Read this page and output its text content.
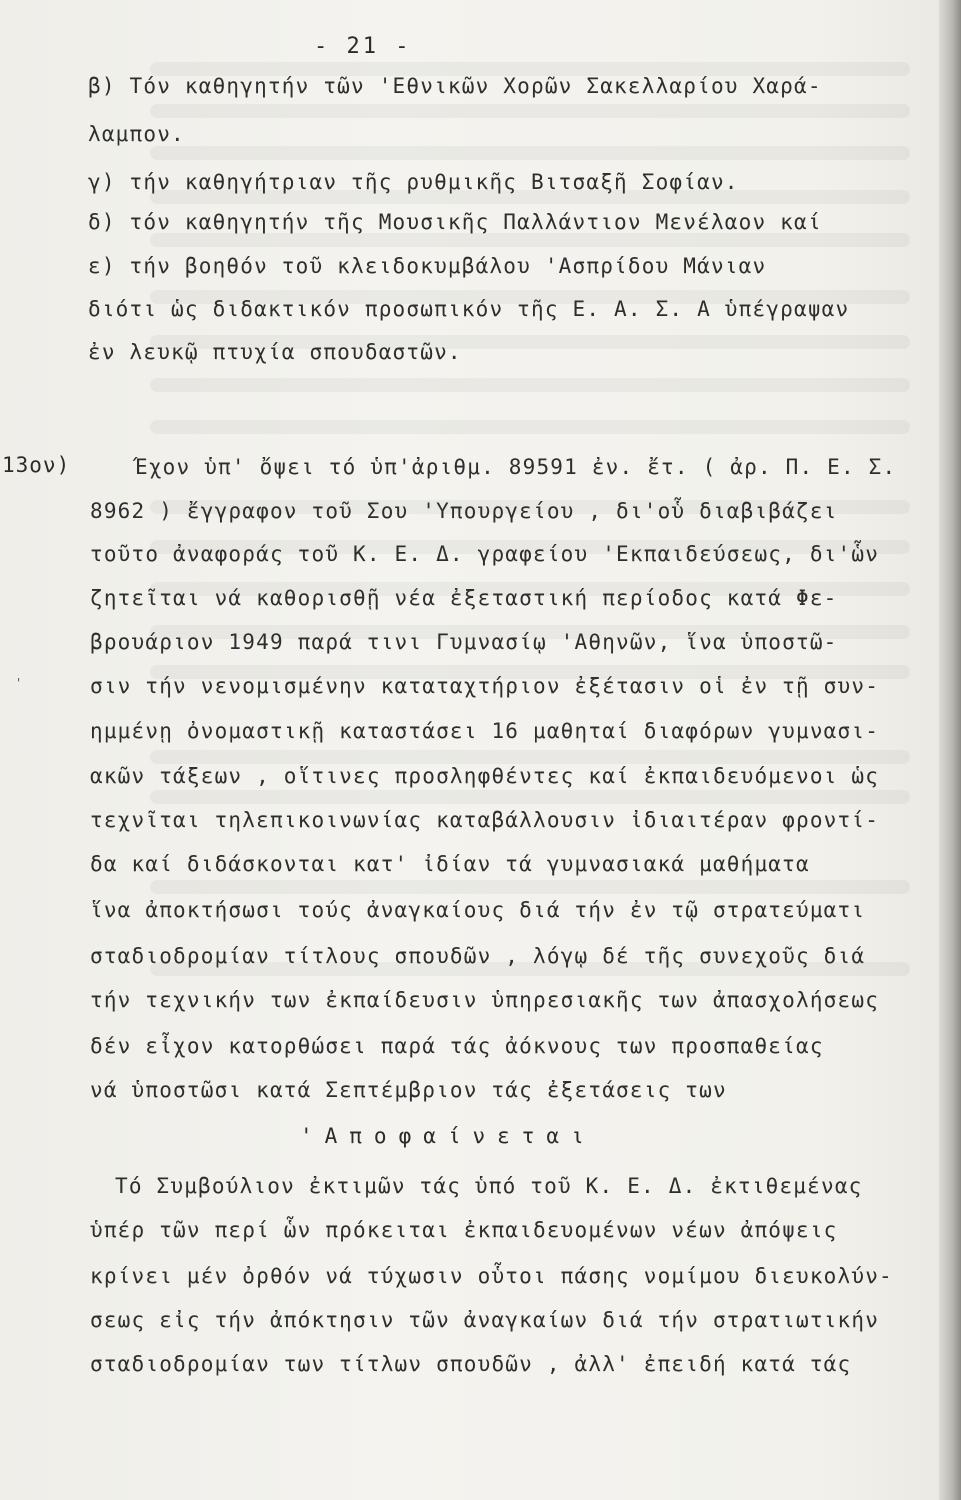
- 21 -
13ον)
'
β) Τόν καθηγητήν τῶν 'Εθνικῶν Χορῶν Σακελλαρίου Χαρά-
λαμπον.
γ) τήν καθηγήτριαν τῆς ρυθμικῆς Βιτσαξῆ Σοφίαν.
δ) τόν καθηγητήν τῆς Μουσικῆς Παλλάντιον Μενέλαον καί
ε) τήν βοηθόν τοῦ κλειδοκυμβάλου 'Ασπρίδου Μάνιαν
διότι ὡς διδακτικόν προσωπικόν τῆς Ε. Α. Σ. Α ὑπέγραψαν
ἐν λευκῷ πτυχία σπουδαστῶν.
Έχον ὑπ' ὄψει τό ὑπ'ἀριθμ. 89591 ἐν. ἔτ. ( ἀρ. Π. Ε. Σ.
8962 ) ἔγγραφον τοῦ Σου 'Υπουργείου , δι'οὗ διαβιβάζει
τοῦτο ἀναφοράς τοῦ Κ. Ε. Δ. γραφείου 'Εκπαιδεύσεως, δι'ὧν
ζητεῖται νά καθορισθῇ νέα ἐξεταστική περίοδος κατά Φε-
βρουάριον 1949 παρά τινι Γυμνασίῳ 'Αθηνῶν, ἵνα ὑποστῶ-
σιν τήν νενομισμένην καταταχτήριον ἐξέτασιν οἱ ἐν τῇ συν-
ημμένῃ ὀνομαστικῇ καταστάσει 16 μαθηταί διαφόρων γυμνασι-
ακῶν τάξεων , οἵτινες προσληφθέντες καί ἐκπαιδευόμενοι ὡς
τεχνῖται τηλεπικοινωνίας καταβάλλουσιν ἰδιαιτέραν φροντί-
δα καί διδάσκονται κατ' ἰδίαν τά γυμνασιακά μαθήματα
ἵνα ἀποκτήσωσι τούς ἀναγκαίους διά τήν ἐν τῷ στρατεύματι
σταδιοδρομίαν τίτλους σπουδῶν , λόγῳ δέ τῆς συνεχοῦς διά
τήν τεχνικήν των ἐκπαίδευσιν ὑπηρεσιακῆς των ἀπασχολήσεως
δέν εἶχον κατορθώσει παρά τάς ἀόκνους των προσπαθείας
νά ὑποστῶσι κατά Σεπτέμβριον τάς ἐξετάσεις των
'Αποφαίνεται
Τό Συμβούλιον ἐκτιμῶν τάς ὑπό τοῦ Κ. Ε. Δ. ἐκτιθεμένας
ὑπέρ τῶν περί ὧν πρόκειται ἐκπαιδευομένων νέων ἀπόψεις
κρίνει μέν ὀρθόν νά τύχωσιν οὗτοι πάσης νομίμου διευκολύν-
σεως εἰς τήν ἀπόκτησιν τῶν ἀναγκαίων διά τήν στρατιωτικήν
σταδιοδρομίαν των τίτλων σπουδῶν , ἀλλ' ἐπειδή κατά τάς
